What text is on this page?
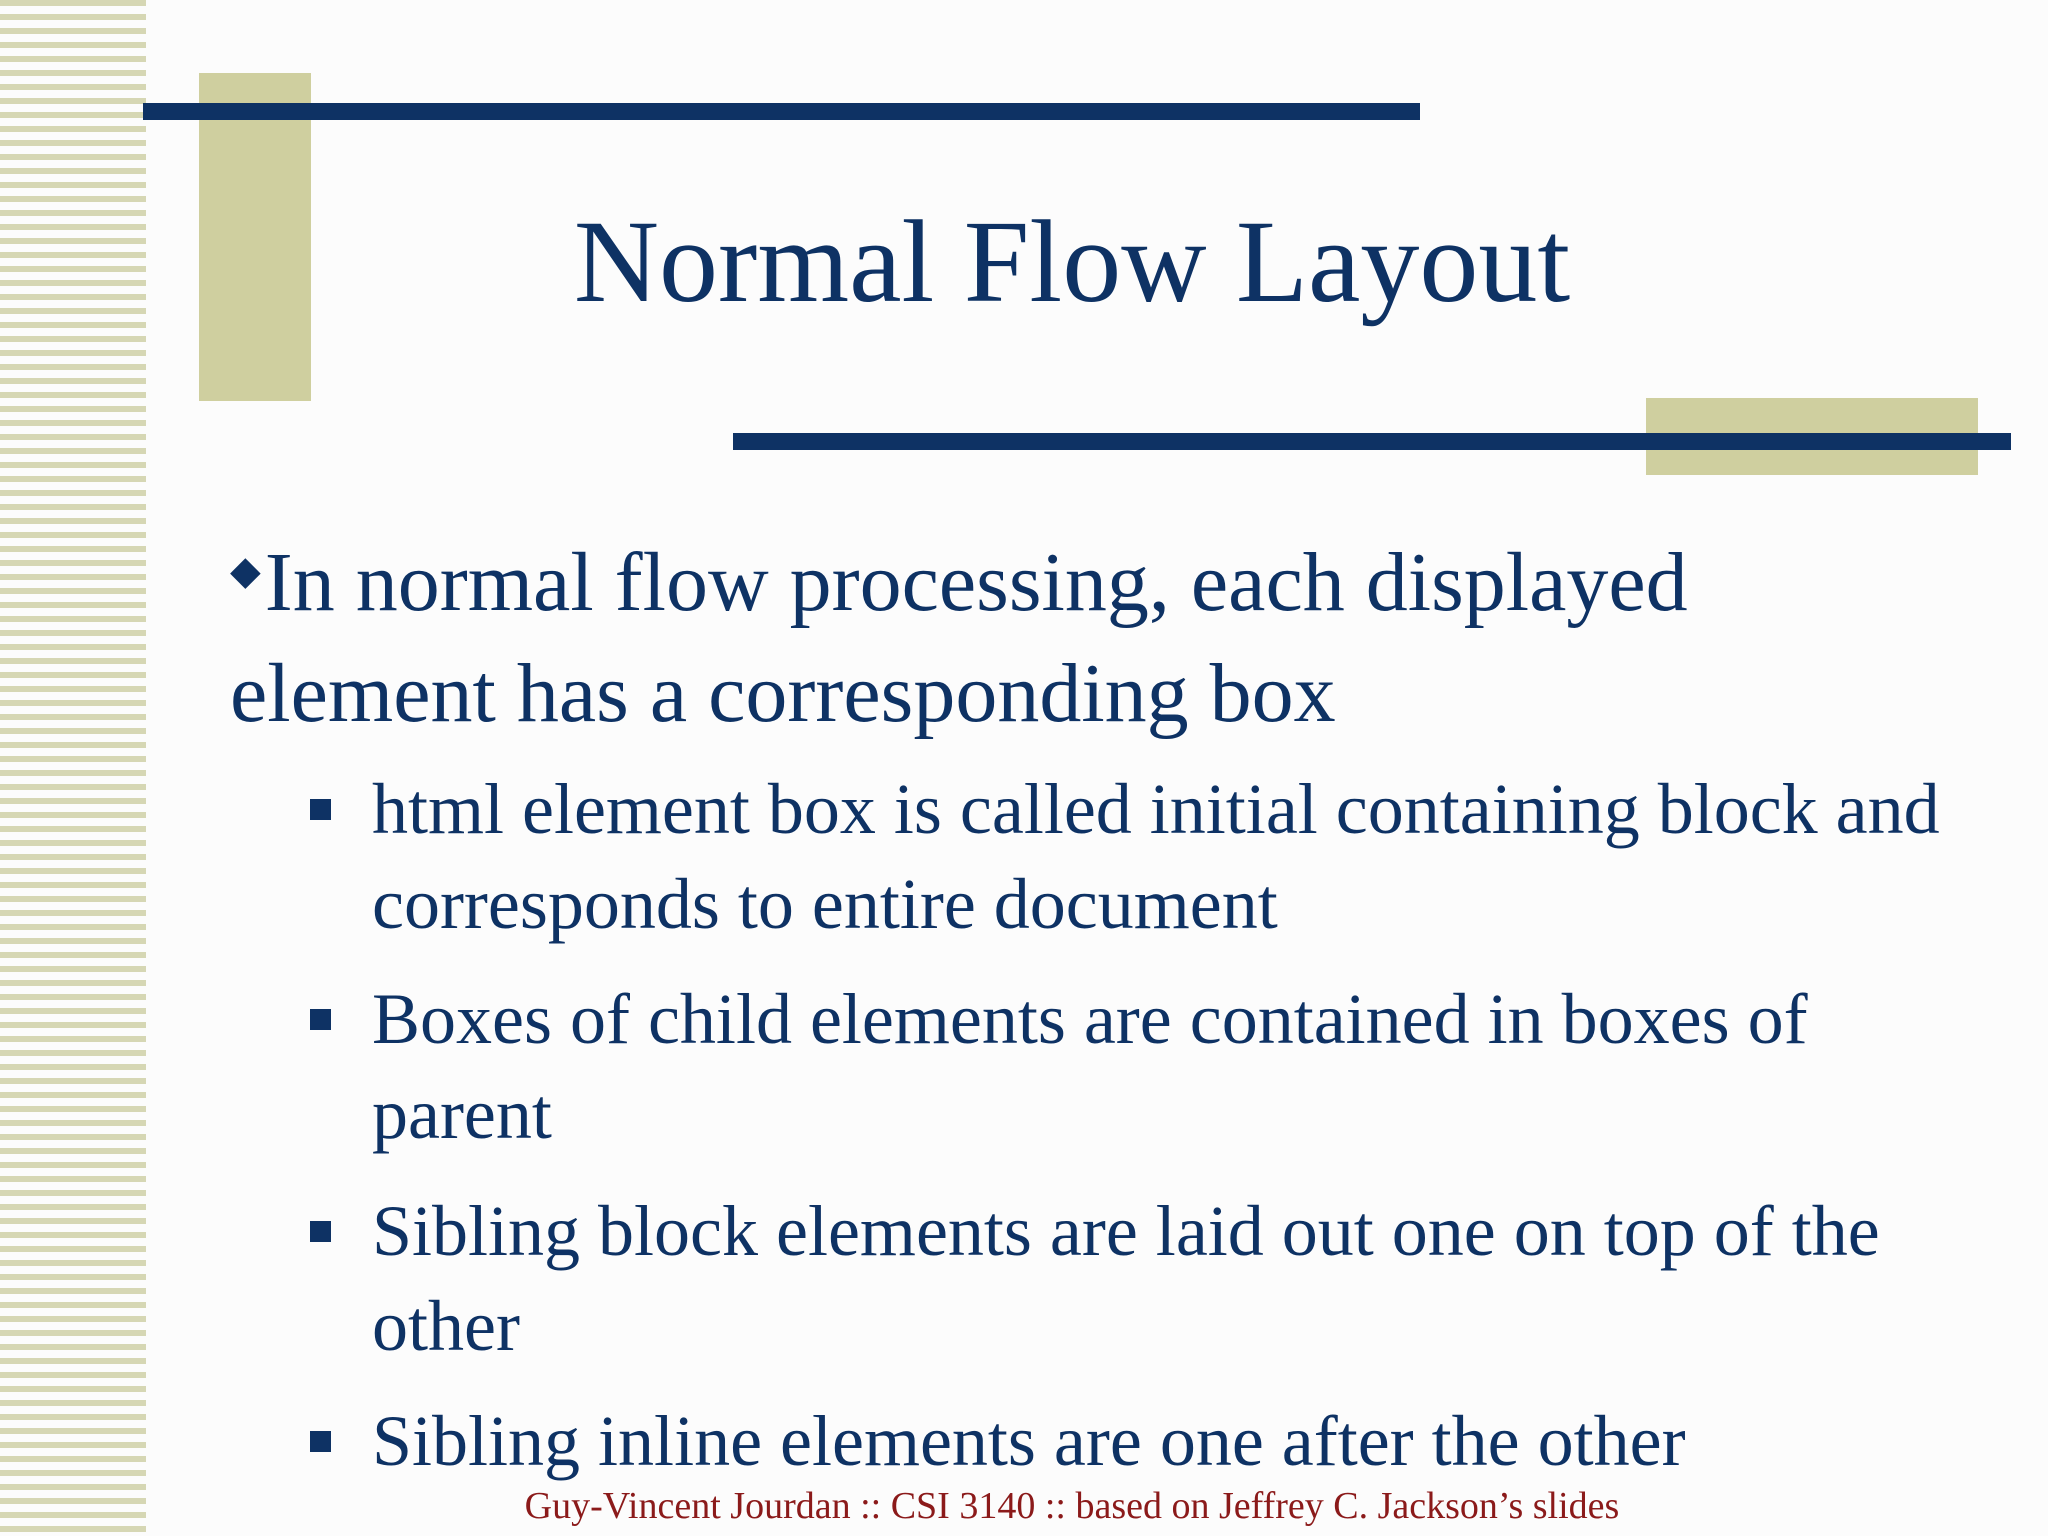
Normal Flow Layout

◆In normal flow processing, each displayed element has a corresponding box

html element box is called initial containing block and corresponds to entire document
Boxes of child elements are contained in boxes of parent
Sibling block elements are laid out one on top of the other
Sibling inline elements are one after the other
Guy-Vincent Jourdan :: CSI 3140 :: based on Jeffrey C. Jackson’s slides
